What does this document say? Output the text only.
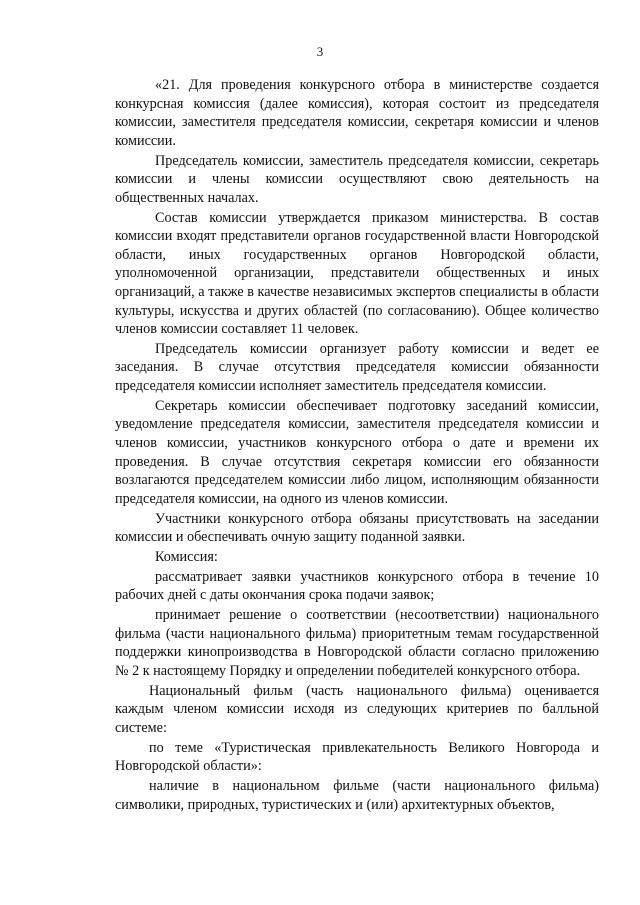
3

«21. Для проведения конкурсного отбора в министерстве создается конкурсная комиссия (далее комиссия), которая состоит из председателя комиссии, заместителя председателя комиссии, секретаря комиссии и членов комиссии.

Председатель комиссии, заместитель председателя комиссии, секретарь комиссии и члены комиссии осуществляют свою деятельность на общественных началах.

Состав комиссии утверждается приказом министерства. В состав комиссии входят представители органов государственной власти Новгородской области, иных государственных органов Новгородской области, уполномоченной организации, представители общественных и иных организаций, а также в качестве независимых экспертов специалисты в области культуры, искусства и других областей (по согласованию). Общее количество членов комиссии составляет 11 человек.

Председатель комиссии организует работу комиссии и ведет ее заседания. В случае отсутствия председателя комиссии обязанности председателя комиссии исполняет заместитель председателя комиссии.

Секретарь комиссии обеспечивает подготовку заседаний комиссии, уведомление председателя комиссии, заместителя председателя комиссии и членов комиссии, участников конкурсного отбора о дате и времени их проведения. В случае отсутствия секретаря комиссии его обязанности возлагаются председателем комиссии либо лицом, исполняющим обязанности председателя комиссии, на одного из членов комиссии.

Участники конкурсного отбора обязаны присутствовать на заседании комиссии и обеспечивать очную защиту поданной заявки.

Комиссия:

рассматривает заявки участников конкурсного отбора в течение 10 рабочих дней с даты окончания срока подачи заявок;

принимает решение о соответствии (несоответствии) национального фильма (части национального фильма) приоритетным темам государственной поддержки кинопроизводства в Новгородской области согласно приложению № 2 к настоящему Порядку и определении победителей конкурсного отбора.

Национальный фильм (часть национального фильма) оценивается каждым членом комиссии исходя из следующих критериев по балльной системе:

по теме «Туристическая привлекательность Великого Новгорода и Новгородской области»:

наличие в национальном фильме (части национального фильма) символики, природных, туристических и (или) архитектурных объектов,
